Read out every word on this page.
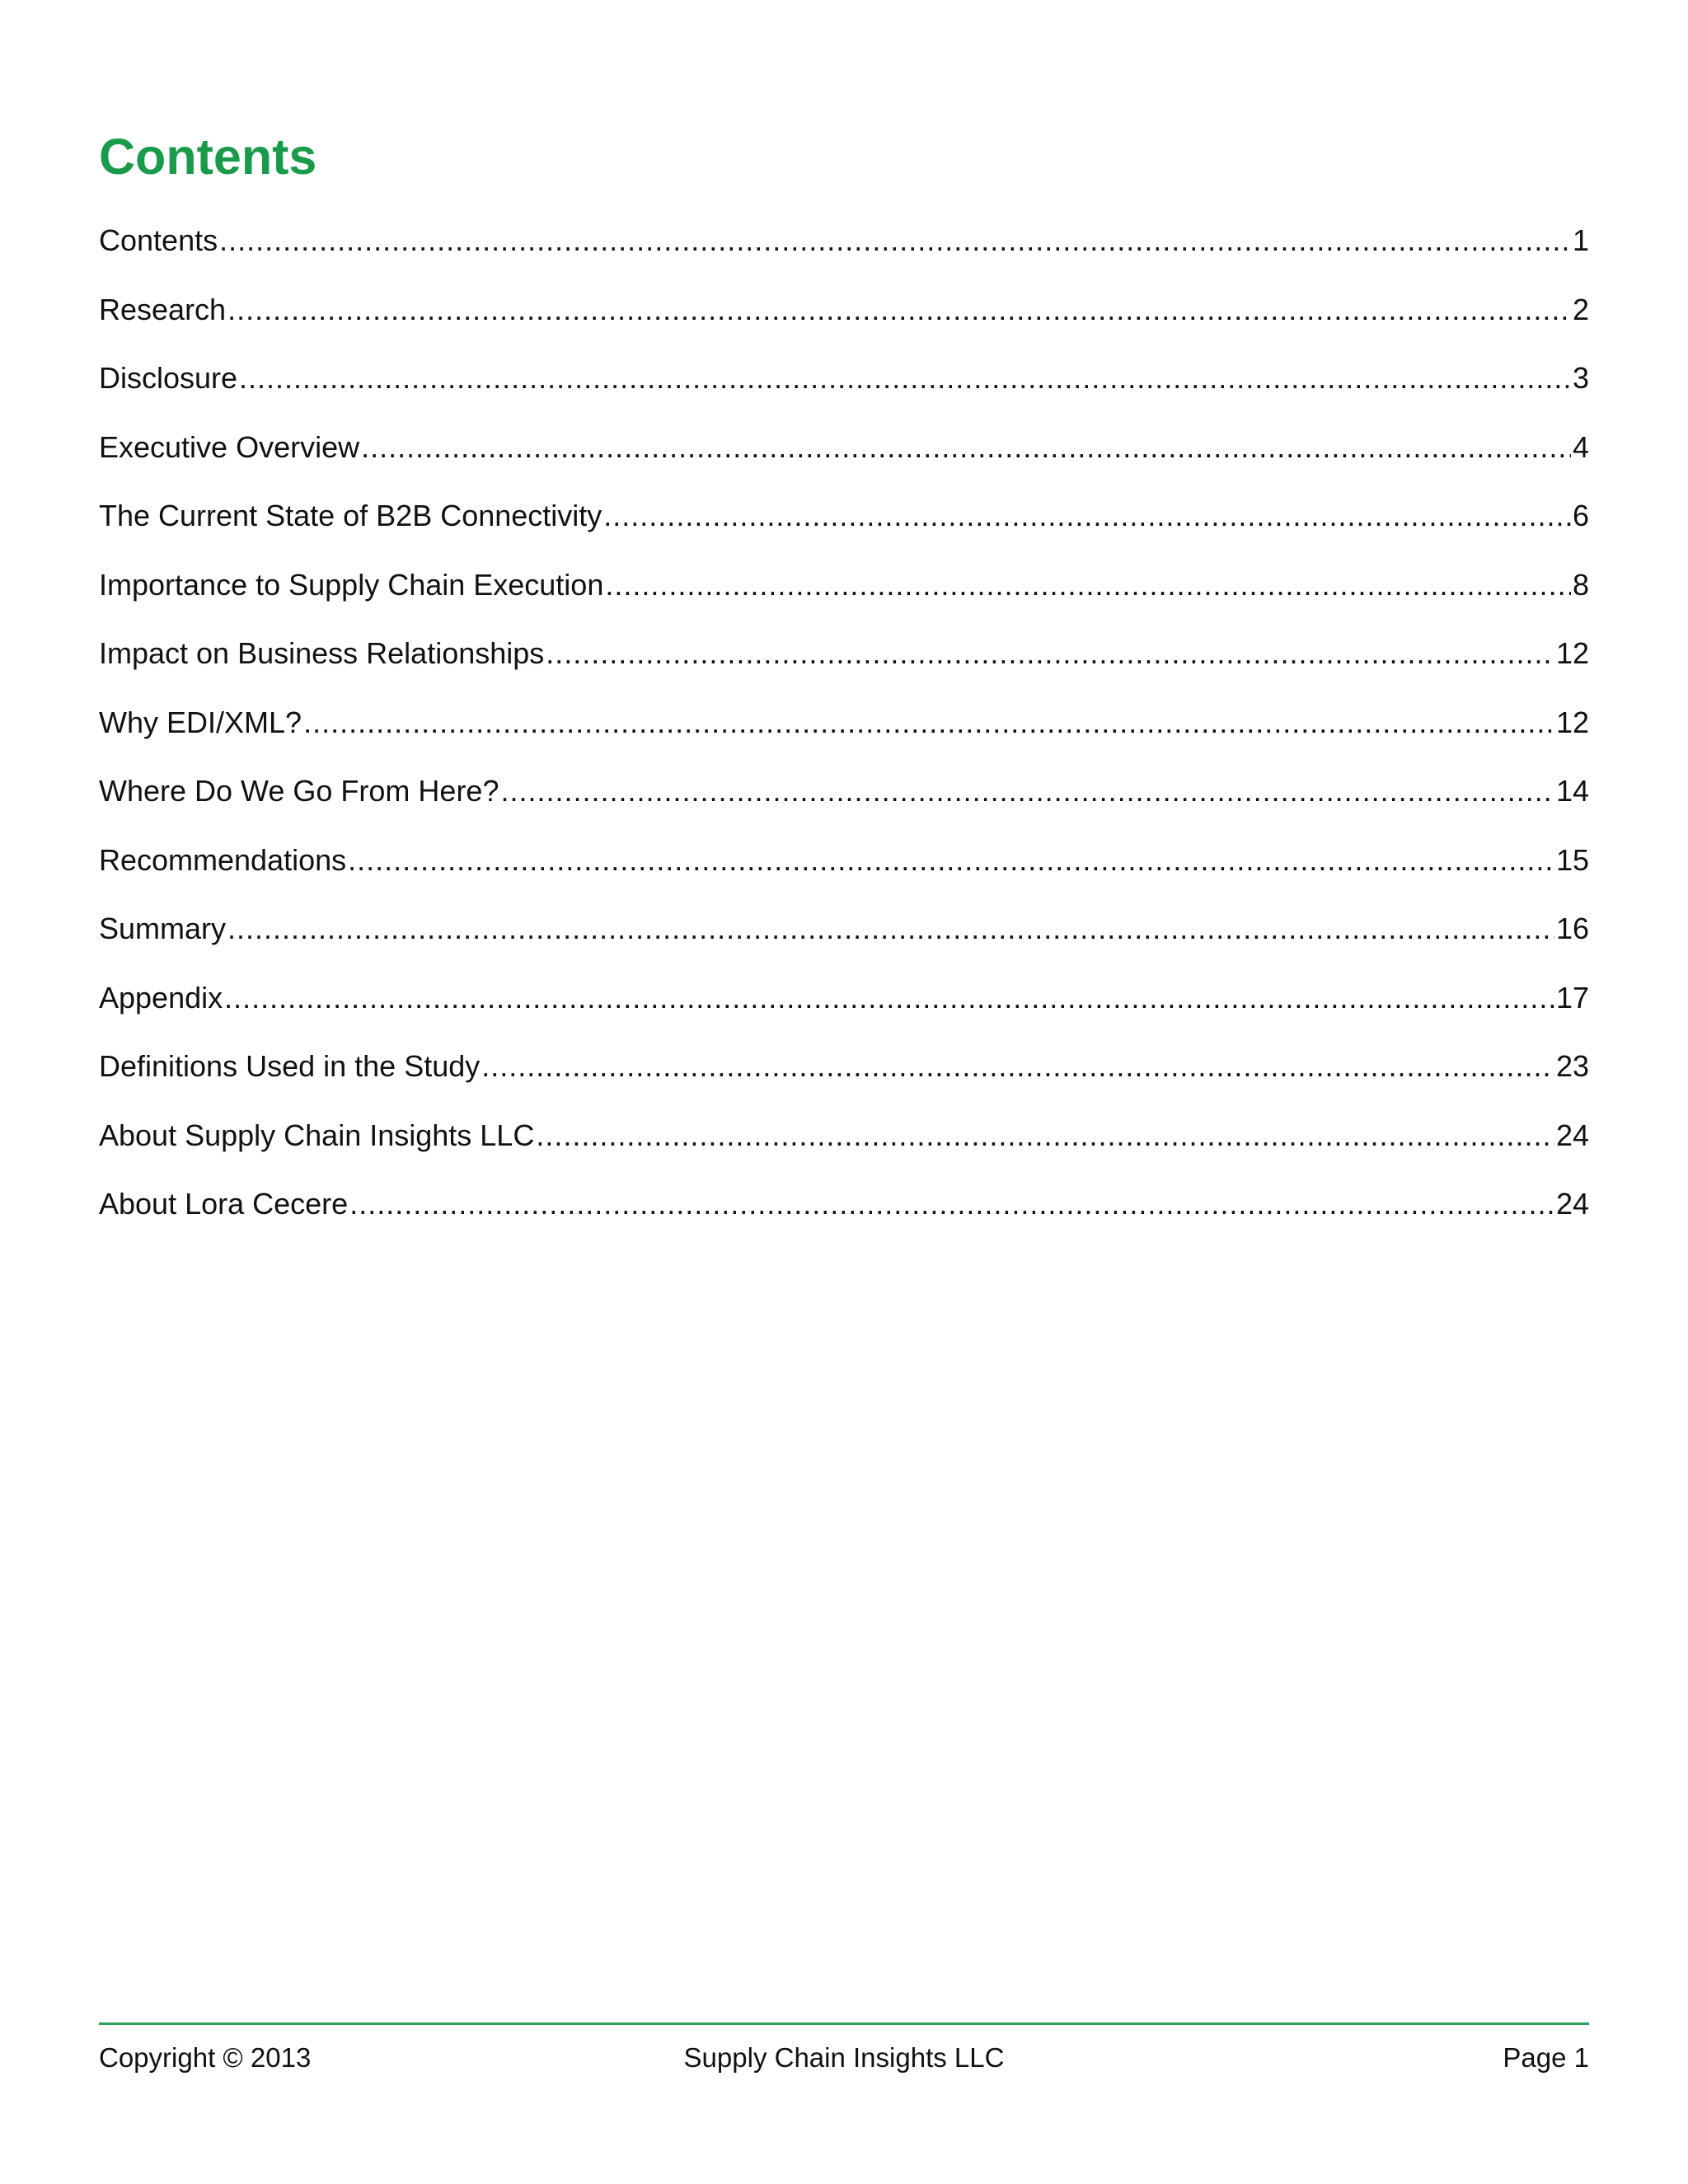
Contents
Contents .....	1
Research .....	2
Disclosure .....	3
Executive Overview .....	4
The Current State of B2B Connectivity .....	6
Importance to Supply Chain Execution .....	8
Impact on Business Relationships .....	12
Why EDI/XML? .....	12
Where Do We Go From Here? .....	14
Recommendations .....	15
Summary .....	16
Appendix .....	17
Definitions Used in the Study .....	23
About Supply Chain Insights LLC .....	24
About Lora Cecere .....	24
Copyright © 2013	Supply Chain Insights LLC	Page 1
